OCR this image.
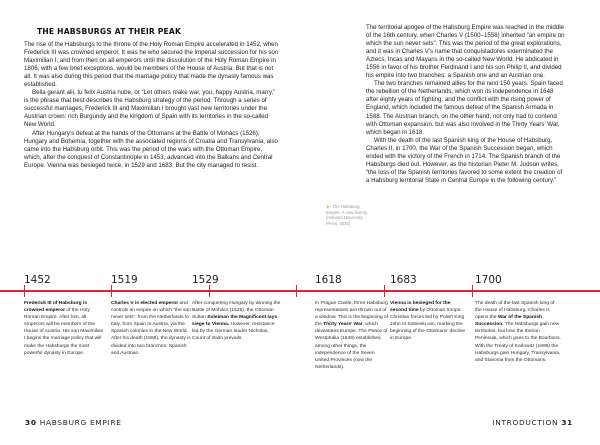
THE HABSBURGS AT THEIR PEAK

The rise of the Habsburgs to the throne of the Holy Roman Empire accelerated in 1452, when Frederick III was crowned emperor. It was he who secured the imperial succession for his son Maximilian I, and from then on all emperors until the dissolution of the Holy Roman Empire in 1806, with a few brief exceptions, would be members of the House of Austria. But that is not all. It was also during this period that the marriage policy that made the dynasty famous was established.

Bella gerant alii, tu felix Austria nube, or “Let others make war, you, happy Austria, marry,” is the phrase that best describes the Habsburg strategy of the period. Through a series of successful marriages, Frederick III and Maximilian I brought vast new territories under the Austrian crown: rich Burgundy and the kingdom of Spain with its territories in the so-called New World.

After Hungary’s defeat at the hands of the Ottomans at the Battle of Mohács (1526), Hungary and Bohemia, together with the associated regions of Croatia and Transylvania, also came into the Habsburg orbit. This was the period of the wars with the Ottoman Empire, which, after the conquest of Constantinople in 1453, advanced into the Balkans and Central Europe. Vienna was besieged twice, in 1529 and 1683. But the city managed to resist.

► The Habsburg Empire. A new history. (Harvard University Press, 2016)

The territorial apogee of the Habsburg Empire was reached in the middle of the 16th century, when Charles V (1500–1558) inherited “an empire on which the sun never sets”. This was the period of the great explorations, and it was in Charles V’s name that conquistadores exterminated the Aztecs, Incas and Mayans in the so-called New World. He abdicated in 1556 in favor of his brother Ferdinand I and his son Philip II, and divided his empire into two branches: a Spanish one and an Austrian one.

The two branches remained allies for the next 150 years. Spain faced the rebellion of the Netherlands, which won its independence in 1648 after eighty years of fighting, and the conflict with the rising power of England, which included the famous defeat of the Spanish Armada in 1588. The Austrian branch, on the other hand, not only had to contend with Ottoman expansion, but was also involved in the Thirty Years’ War, which began in 1618.

With the death of the last Spanish king of the House of Habsburg, Charles II, in 1700, the War of the Spanish Succession began, which ended with the victory of the French in 1714. The Spanish branch of the Habsburgs died out. However, as the historian Pieter M. Judson writes, “the loss of the Spanish territories favored to some extent the creation of a Habsburg territorial State in Central Europe in the following century.”

1452	1519	1529	1618	1683	1700
Frederick III of Habsburg is crowned emperor of the Holy Roman Empire. After him, all emperors will be members of the House of Austria. His son Maximilian I begins the marriage policy that will make the Habsburgs the most powerful dynasty in Europe.
Charles V is elected emperor and controls an empire on which “the sun never sets”: from the Netherlands to Italy, from Spain to Austria, via the Spanish colonies in the New World. After his death (1558), the dynasty is divided into two branches: Spanish and Austrian.
After conquering Hungary by winning the Battle of Mohács (1526), the Ottoman Sultan Suleiman the Magnificent lays siege to Vienna. However, resistance led by the German leader Nicholas, Count of Salm prevails.
In Prague Castle, three Habsburg representatives are thrown out of a window. This is the beginning of the Thirty Years’ War, which devastates Europe. The Peace of Westphalia (1648) establishes, among other things, the independence of the Seven United Provinces (now the Netherlands).
Vienna is besieged for the second time by Ottoman troops. Christian forces led by Polish King John III Sobieski win, marking the beginning of the Ottomans’ decline in Europe.
The death of the last Spanish king of the House of Habsburg, Charles II, opens the War of the Spanish Succession. The Habsburgs gain new territories, but lose the Iberian Peninsula, which goes to the Bourbons. With the Treaty of Karlowitz (1699) the Habsburgs gain Hungary, Transylvania, and Slavonia from the Ottomans.
30 HABSBURG EMPIRE	INTRODUCTION 31
